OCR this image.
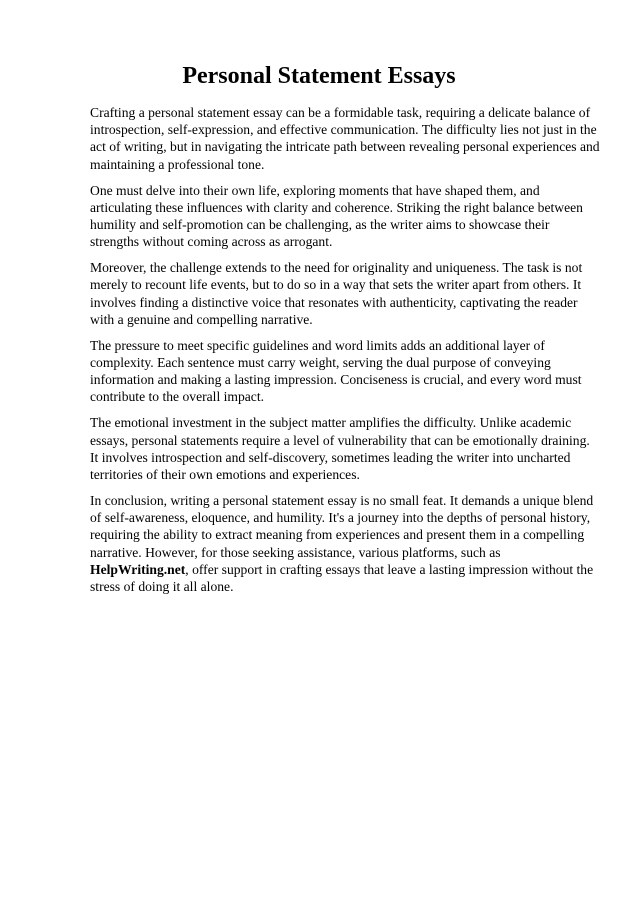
Personal Statement Essays

Crafting a personal statement essay can be a formidable task, requiring a delicate balance of introspection, self-expression, and effective communication. The difficulty lies not just in the act of writing, but in navigating the intricate path between revealing personal experiences and maintaining a professional tone.

One must delve into their own life, exploring moments that have shaped them, and articulating these influences with clarity and coherence. Striking the right balance between humility and self-promotion can be challenging, as the writer aims to showcase their strengths without coming across as arrogant.

Moreover, the challenge extends to the need for originality and uniqueness. The task is not merely to recount life events, but to do so in a way that sets the writer apart from others. It involves finding a distinctive voice that resonates with authenticity, captivating the reader with a genuine and compelling narrative.

The pressure to meet specific guidelines and word limits adds an additional layer of complexity. Each sentence must carry weight, serving the dual purpose of conveying information and making a lasting impression. Conciseness is crucial, and every word must contribute to the overall impact.

The emotional investment in the subject matter amplifies the difficulty. Unlike academic essays, personal statements require a level of vulnerability that can be emotionally draining. It involves introspection and self-discovery, sometimes leading the writer into uncharted territories of their own emotions and experiences.

In conclusion, writing a personal statement essay is no small feat. It demands a unique blend of self-awareness, eloquence, and humility. It's a journey into the depths of personal history, requiring the ability to extract meaning from experiences and present them in a compelling narrative. However, for those seeking assistance, various platforms, such as HelpWriting.net, offer support in crafting essays that leave a lasting impression without the stress of doing it all alone.
